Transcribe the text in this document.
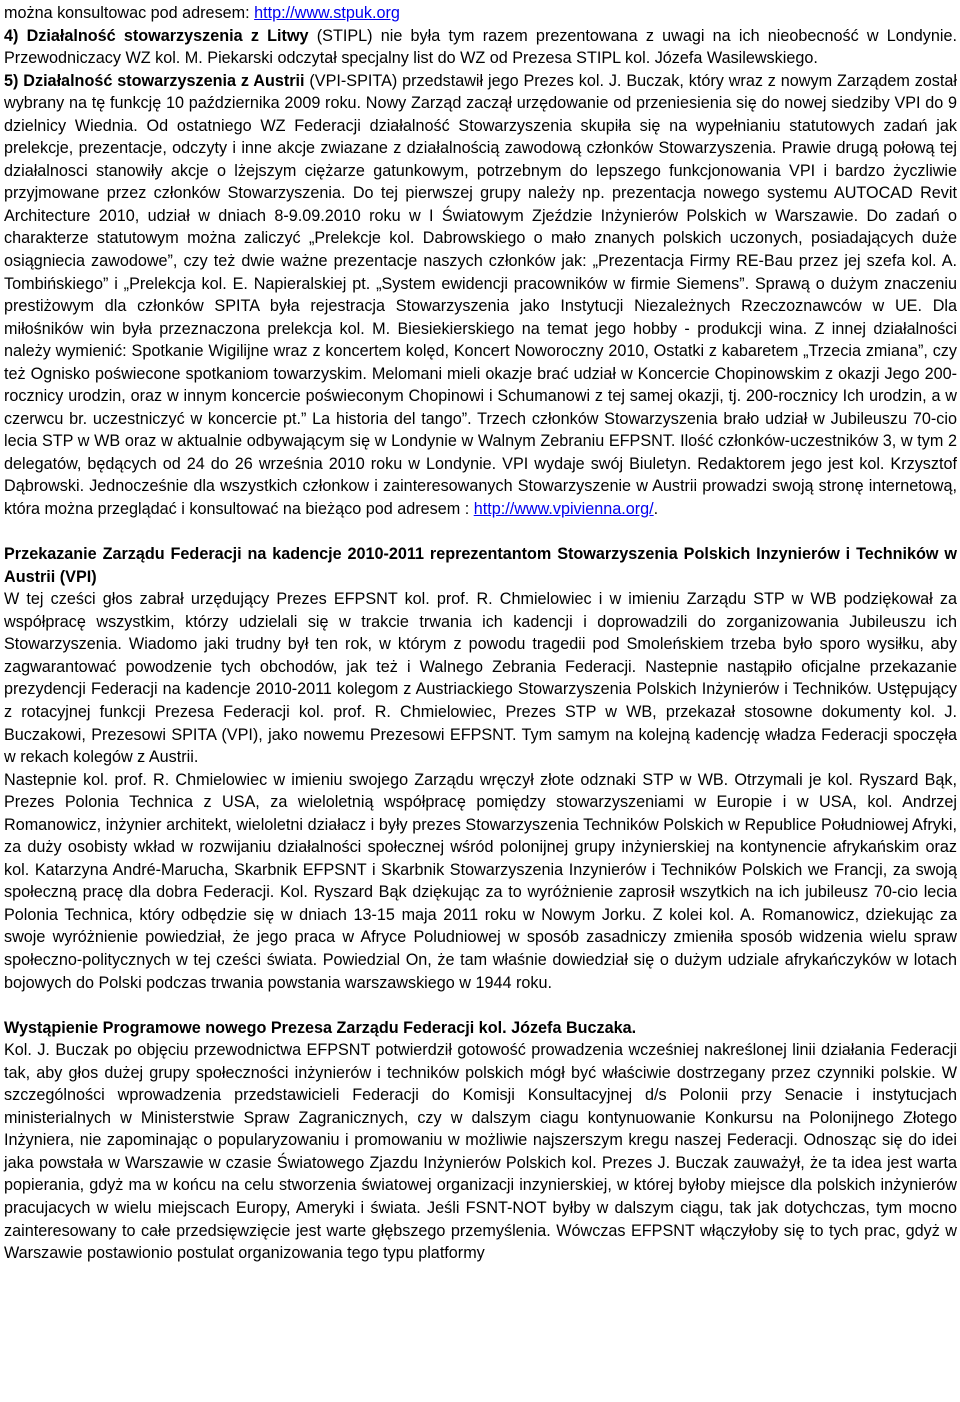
można konsultowac pod adresem: http://www.stpuk.org

4) Działalność stowarzyszenia z Litwy (STIPL) nie była tym razem prezentowana z uwagi na ich nieobecność w Londynie. Przewodniczacy WZ kol. M. Piekarski odczytał specjalny list do WZ od Prezesa STIPL kol. Józefa Wasilewskiego.

5) Działalność stowarzyszenia z Austrii (VPI-SPITA) przedstawił jego Prezes kol. J. Buczak, który wraz z nowym Zarządem został wybrany na tę funkcję 10 października 2009 roku. Nowy Zarząd zaczął urzędowanie od przeniesienia się do nowej siedziby VPI do 9 dzielnicy Wiednia. Od ostatniego WZ Federacji działalność Stowarzyszenia skupiła się na wypełnianiu statutowych zadań jak prelekcje, prezentacje, odczyty i inne akcje zwiazane z działalnością zawodową członków Stowarzyszenia. Prawie drugą połową tej działalnosci stanowiły akcje o lżejszym ciężarze gatunkowym, potrzebnym do lepszego funkcjonowania VPI i bardzo życzliwie przyjmowane przez członków Stowarzyszenia. Do tej pierwszej grupy należy np. prezentacja nowego systemu AUTOCAD Revit Architecture 2010, udział w dniach 8-9.09.2010 roku w I Światowym Zjeździe Inżynierów Polskich w Warszawie. Do zadań o charakterze statutowym można zaliczyć „Prelekcje kol. Dabrowskiego o mało znanych polskich uczonych, posiadających duże osiągniecia zawodowe”, czy też dwie ważne prezentacje naszych członków jak: „Prezentacja Firmy RE-Bau przez jej szefa kol. A. Tombińskiego” i „Prelekcja kol. E. Napieralskiej pt. „System ewidencji pracowników w firmie Siemens”. Sprawą o dużym znaczeniu prestiżowym dla członków SPITA była rejestracja Stowarzyszenia jako Instytucji Niezależnych Rzeczoznawców w UE. Dla miłośników win była przeznaczona prelekcja kol. M. Biesiekierskiego na temat jego hobby - produkcji wina. Z innej działalności należy wymienić: Spotkanie Wigilijne wraz z koncertem kolęd, Koncert Noworoczny 2010, Ostatki z kabaretem „Trzecia zmiana”, czy też Ognisko poświecone spotkaniom towarzyskim. Melomani mieli okazje brać udział w Koncercie Chopinowskim z okazji Jego 200-rocznicy urodzin, oraz w innym koncercie poświeconym Chopinowi i Schumanowi z tej samej okazji, tj. 200-rocznicy Ich urodzin, a w czerwcu br. uczestniczyć w koncercie pt.” La historia del tango”. Trzech członków Stowarzyszenia brało udział w Jubileuszu 70-cio lecia STP w WB oraz w aktualnie odbywającym się w Londynie w Walnym Zebraniu EFPSNT. Ilość członków-uczestników 3, w tym 2 delegatów, będących od 24 do 26 września 2010 roku w Londynie. VPI wydaje swój Biuletyn. Redaktorem jego jest kol. Krzysztof Dąbrowski. Jednocześnie dla wszystkich członkow i zainteresowanych Stowarzyszenie w Austrii prowadzi swoją stronę internetową, która można przeglądać i konsultować na bieżąco pod adresem : http://www.vpivienna.org/.

Przekazanie Zarządu Federacji na kadencje 2010-2011 reprezentantom Stowarzyszenia Polskich Inzynierów i Techników w Austrii (VPI)

W tej cześci głos zabrał urzędujący Prezes EFPSNT kol. prof. R. Chmielowiec i w imieniu Zarządu STP w WB podziękował za współpracę wszystkim, którzy udzielali się w trakcie trwania ich kadencji i doprowadzili do zorganizowania Jubileuszu ich Stowarzyszenia. Wiadomo jaki trudny był ten rok, w którym z powodu tragedii pod Smoleńskiem trzeba było sporo wysiłku, aby zagwarantować powodzenie tych obchodów, jak też i Walnego Zebrania Federacji. Nastepnie nastąpiło oficjalne przekazanie prezydencji Federacji na kadencje 2010-2011 kolegom z Austriackiego Stowarzyszenia Polskich Inżynierów i Techników. Ustępujący z rotacyjnej funkcji Prezesa Federacji kol. prof. R. Chmielowiec, Prezes STP w WB, przekazał stosowne dokumenty kol. J. Buczakowi, Prezesowi SPITA (VPI), jako nowemu Prezesowi EFPSNT. Tym samym na kolejną kadencję władza Federacji spoczęła w rekach kolegów z Austrii.

Nastepnie kol. prof. R. Chmielowiec w imieniu swojego Zarządu wręczył złote odznaki STP w WB. Otrzymali je kol. Ryszard Bąk, Prezes Polonia Technica z USA, za wieloletnią współpracę pomiędzy stowarzyszeniami w Europie i w USA, kol. Andrzej Romanowicz, inżynier architekt, wieloletni działacz i były prezes Stowarzyszenia Techników Polskich w Republice Południowej Afryki, za duży osobisty wkład w rozwijaniu działalności społecznej wśród polonijnej grupy inżynierskiej na kontynencie afrykańskim oraz kol. Katarzyna André-Marucha, Skarbnik EFPSNT i Skarbnik Stowarzyszenia Inzynierów i Techników Polskich we Francji, za swoją społeczną pracę dla dobra Federacji. Kol. Ryszard Bąk dziękując za to wyróżnienie zaprosił wszytkich na ich jubileusz 70-cio lecia Polonia Technica, który odbędzie się w dniach 13-15 maja 2011 roku w Nowym Jorku. Z kolei kol. A. Romanowicz, dziekując za swoje wyróżnienie powiedział, że jego praca w Afryce Poludniowej w sposób zasadniczy zmieniła sposób widzenia wielu spraw społeczno-politycznych w tej cześci świata. Powiedzial On, że tam właśnie dowiedział się o dużym udziale afrykańczyków w lotach bojowych do Polski podczas trwania powstania warszawskiego w 1944 roku.

Wystąpienie Programowe nowego Prezesa Zarządu Federacji kol. Józefa Buczaka.

Kol. J. Buczak po objęciu przewodnictwa EFPSNT potwierdził gotowość prowadzenia wcześniej nakreślonej linii działania Federacji tak, aby głos dużej grupy społeczności inżynierów i techników polskich mógł być właściwie dostrzegany przez czynniki polskie. W szczególności wprowadzenia przedstawicieli Federacji do Komisji Konsultacyjnej d/s Polonii przy Senacie i instytucjach ministerialnych w Ministerstwie Spraw Zagranicznych, czy w dalszym ciagu kontynuowanie Konkursu na Polonijnego Złotego Inżyniera, nie zapominając o popularyzowaniu i promowaniu w możliwie najszerszym kregu naszej Federacji. Odnosząc się do idei jaka powstała w Warszawie w czasie Światowego Zjazdu Inżynierów Polskich kol. Prezes J. Buczak zauważył, że ta idea jest warta popierania, gdyż ma w końcu na celu stworzenia światowej organizacji inzynierskiej, w której byłoby miejsce dla polskich inżynierów pracujacych w wielu miejscach Europy, Ameryki i świata. Jeśli FSNT-NOT byłby w dalszym ciągu, tak jak dotychczas, tym mocno zainteresowany to całe przedsięwzięcie jest warte głębszego przemyślenia. Wówczas EFPSNT włączyłoby się to tych prac, gdyż w Warszawie postawionio postulat organizowania tego typu platformy
